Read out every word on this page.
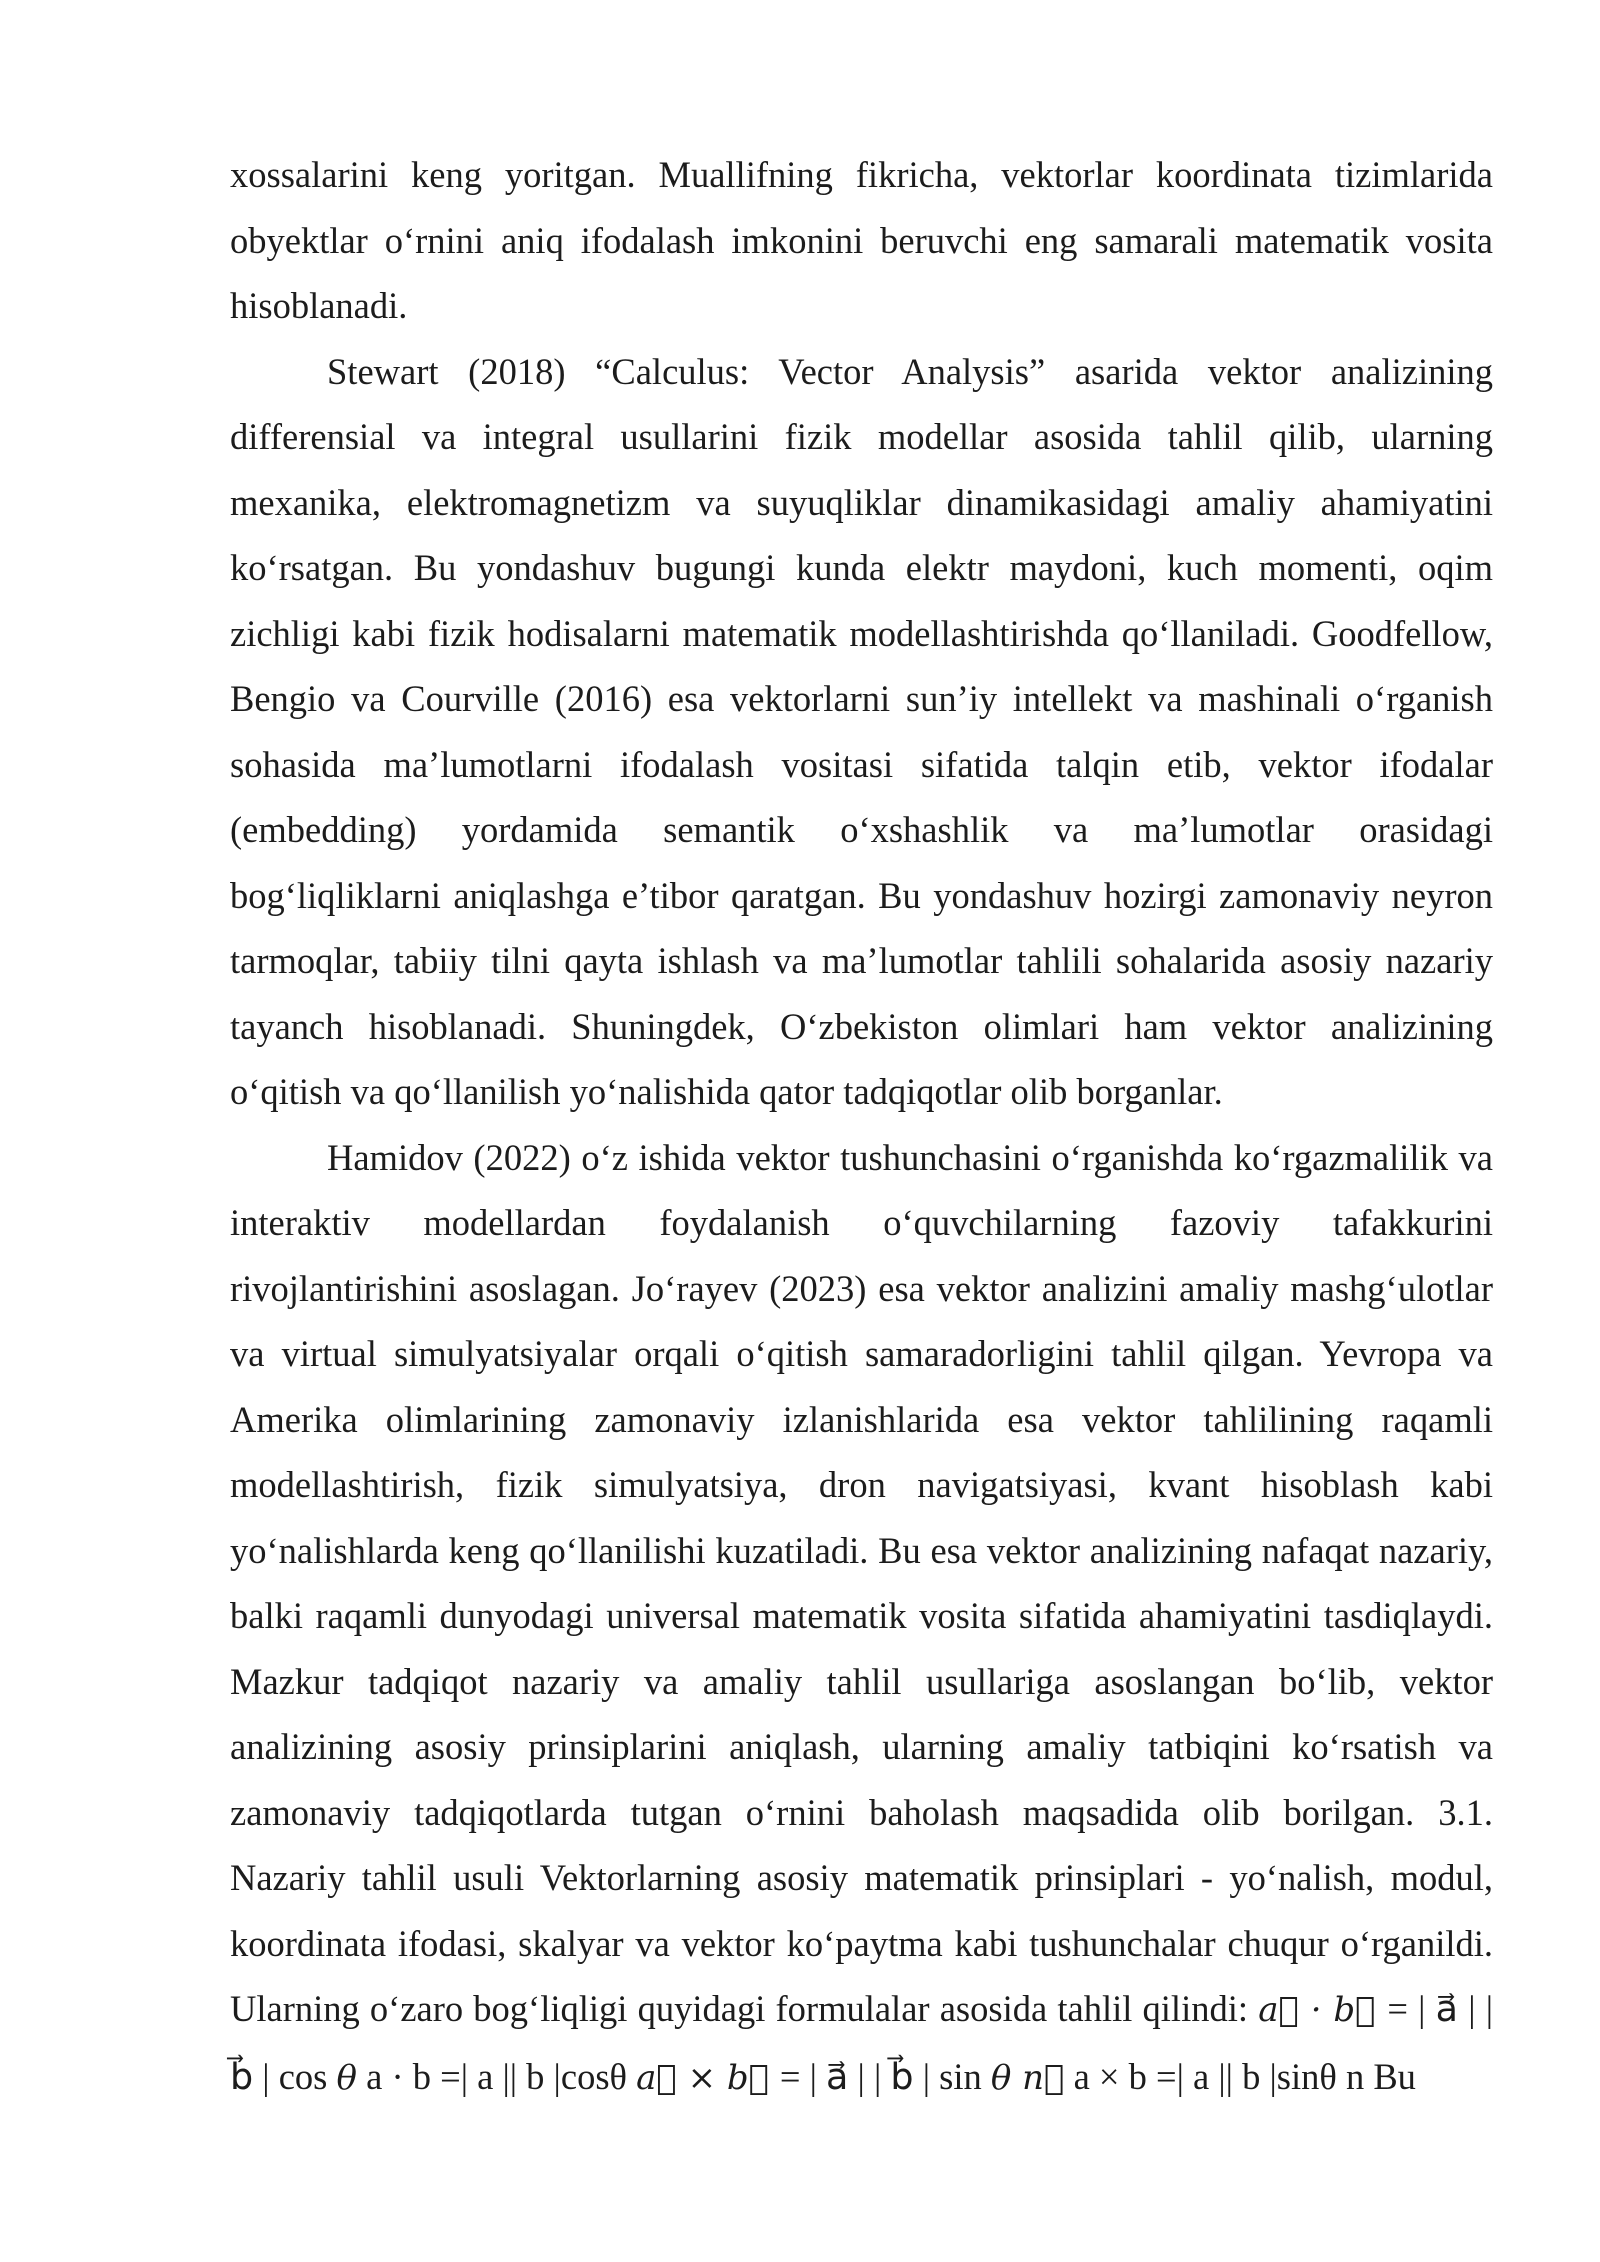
xossalarini keng yoritgan. Muallifning fikricha, vektorlar koordinata tizimlarida obyektlar o‘rnini aniq ifodalash imkonini beruvchi eng samarali matematik vosita hisoblanadi.

Stewart (2018) “Calculus: Vector Analysis” asarida vektor analizining differensial va integral usullarini fizik modellar asosida tahlil qilib, ularning mexanika, elektromagnetizm va suyuqliklar dinamikasidagi amaliy ahamiyatini ko‘rsatgan. Bu yondashuv bugungi kunda elektr maydoni, kuch momenti, oqim zichligi kabi fizik hodisalarni matematik modellashtirishda qo‘llaniladi. Goodfellow, Bengio va Courville (2016) esa vektorlarni sun’iy intellekt va mashinali o‘rganish sohasida ma’lumotlarni ifodalash vositasi sifatida talqin etib, vektor ifodalar (embedding) yordamida semantik o‘xshashlik va ma’lumotlar orasidagi bog‘liqliklarni aniqlashga e’tibor qaratgan. Bu yondashuv hozirgi zamonaviy neyron tarmoqlar, tabiiy tilni qayta ishlash va ma’lumotlar tahlili sohalarida asosiy nazariy tayanch hisoblanadi. Shuningdek, O‘zbekiston olimlari ham vektor analizining o‘qitish va qo‘llanilish yo‘nalishida qator tadqiqotlar olib borganlar.

Hamidov (2022) o‘z ishida vektor tushunchasini o‘rganishda ko‘rgazmalilik va interaktiv modellardan foydalanish o‘quvchilarning fazoviy tafakkurini rivojlantirishini asoslagan. Jo‘rayev (2023) esa vektor analizini amaliy mashg‘ulotlar va virtual simulyatsiyalar orqali o‘qitish samaradorligini tahlil qilgan. Yevropa va Amerika olimlarining zamonaviy izlanishlarida esa vektor tahlilining raqamli modellashtirish, fizik simulyatsiya, dron navigatsiyasi, kvant hisoblash kabi yo‘nalishlarda keng qo‘llanilishi kuzatiladi. Bu esa vektor analizining nafaqat nazariy, balki raqamli dunyodagi universal matematik vosita sifatida ahamiyatini tasdiqlaydi. Mazkur tadqiqot nazariy va amaliy tahlil usullariga asoslangan bo‘lib, vektor analizining asosiy prinsiplarini aniqlash, ularning amaliy tatbiqini ko‘rsatish va zamonaviy tadqiqotlarda tutgan o‘rnini baholash maqsadida olib borilgan. 3.1. Nazariy tahlil usuli Vektorlarning asosiy matematik prinsiplari - yo‘nalish, modul, koordinata ifodasi, skalyar va vektor ko‘paytma kabi tushunchalar chuqur o‘rganildi. Ularning o‘zaro bog‘liqligi quyidagi formulalar asosida tahlil qilindi: a⃗ · b⃗ = | a⃗ | | b⃗ | cos θ a · b =| a || b |cosθ a⃗ × b⃗ = | a⃗ | | b⃗ | sin θ n⃗ a × b =| a || b |sinθ n Bu
